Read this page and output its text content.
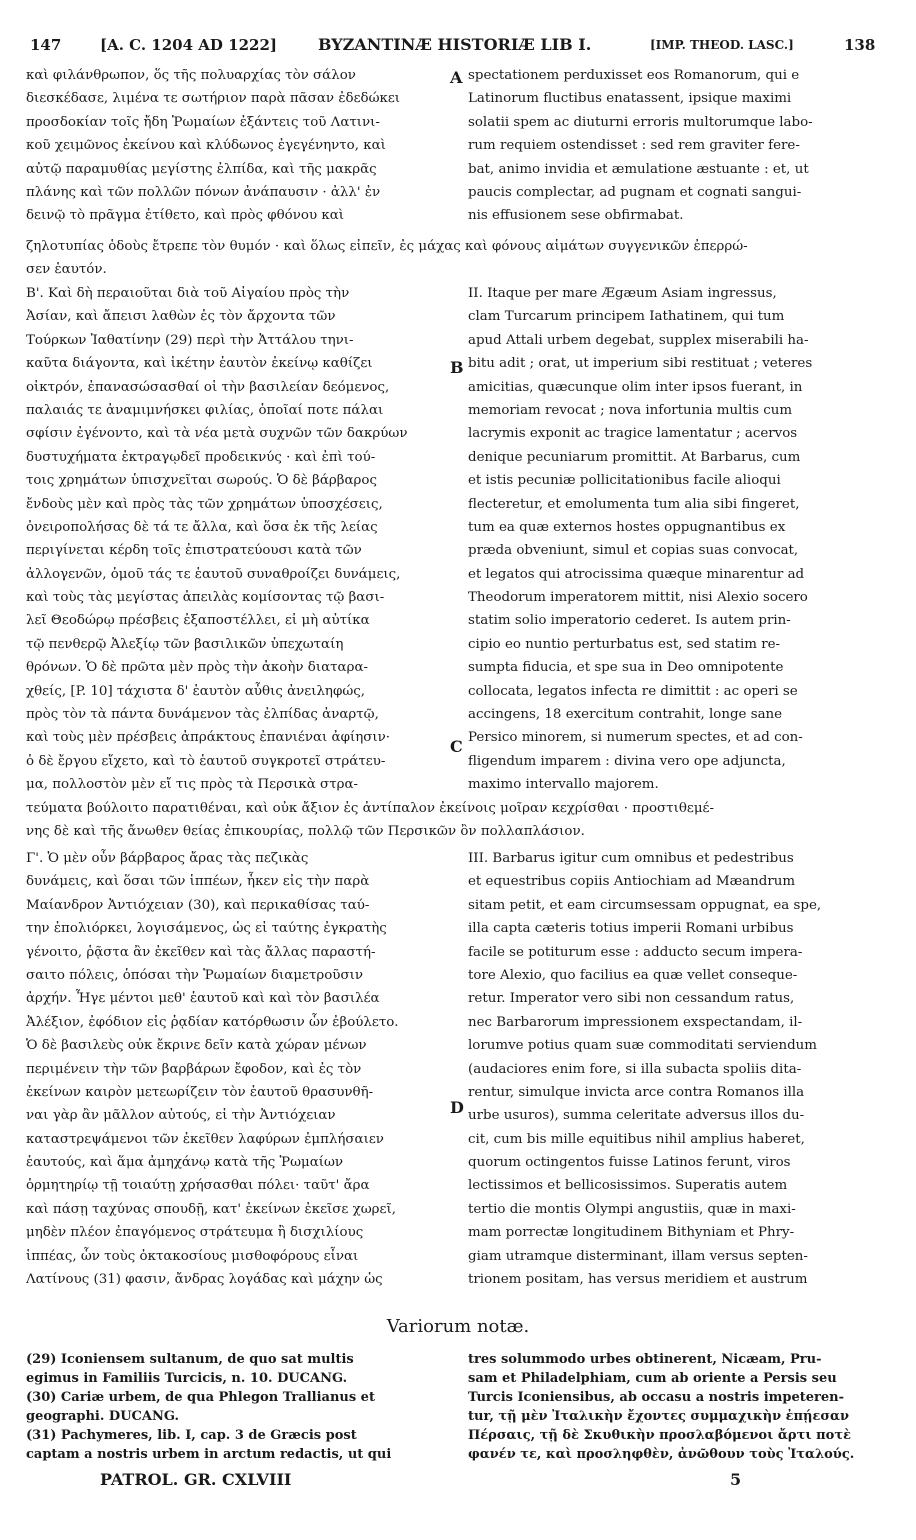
147	[A. C. 1204 AD 1222]	BYZANTINÆ HISTORIÆ LIB I.	[IMP. THEOD. LASC.]	138
A
B
C
D
καὶ φιλάνθρωπον, ὅς τῆς πολυαρχίας τὸν σάλον
διεσκέδασε, λιμένα τε σωτήριον παρὰ πᾶσαν ἐδεδώκει
προσδοκίαν τοῖς ἤδη Ῥωμαίων ἐξάντεις τοῦ Λατινι-
κοῦ χειμῶνος ἐκείνου καὶ κλύδωνος ἐγεγένηντο, καὶ
αὐτῷ παραμυθίας μεγίστης ἐλπίδα, καὶ τῆς μακρᾶς
πλάνης καὶ τῶν πολλῶν πόνων ἀνάπαυσιν · ἀλλ' ἐν
δεινῷ τὸ πρᾶγμα ἐτίθετο, καὶ πρὸς φθόνου καὶ
spectationem perduxisset eos Romanorum, qui e
Latinorum fluctibus enatassent, ipsique maximi
solatii spem ac diuturni erroris multorumque labo-
rum requiem ostendisset : sed rem graviter fere-
bat, animo invidia et æmulatione æstuante : et, ut
paucis complectar, ad pugnam et cognati sangui-
nis effusionem sese obfirmabat.
ζηλοτυπίας ὁδοὺς ἔτρεπε τὸν θυμόν · καὶ ὅλως εἰπεῖν, ἐς μάχας καὶ φόνους αἱμάτων συγγενικῶν ἐπερρώ-
σεν ἑαυτόν.
Β'. Καὶ δὴ περαιοῦται διὰ τοῦ Αἰγαίου πρὸς τὴν
Ἀσίαν, καὶ ἄπεισι λαθὼν ἐς τὸν ἄρχοντα τῶν
Τούρκων Ἰαθατίνην (29) περὶ τὴν Ἀττάλου τηνι-
καῦτα διάγοντα, καὶ ἱκέτην ἑαυτὸν ἐκείνῳ καθίζει
οἰκτρόν, ἐπανασώσασθαί οἱ τὴν βασιλείαν δεόμενος,
παλαιάς τε ἀναμιμνήσκει φιλίας, ὁποῖαί ποτε πάλαι
σφίσιν ἐγένοντο, καὶ τὰ νέα μετὰ συχνῶν τῶν δακρύων
δυστυχήματα ἐκτραγῳδεῖ προδεικνύς · καὶ ἐπὶ τού-
τοις χρημάτων ὑπισχνεῖται σωρούς. Ὁ δὲ βάρβαρος
ἔνδοὺς μὲν καὶ πρὸς τὰς τῶν χρημάτων ὑποσχέσεις,
ὀνειροπολήσας δὲ τά τε ἄλλα, καὶ ὅσα ἐκ τῆς λείας
περιγίνεται κέρδη τοῖς ἐπιστρατεύουσι κατὰ τῶν
ἀλλογενῶν, ὁμοῦ τάς τε ἑαυτοῦ συναθροίζει δυνάμεις,
καὶ τοὺς τὰς μεγίστας ἀπειλὰς κομίσοντας τῷ βασι-
λεῖ Θεοδώρῳ πρέσβεις ἐξαποστέλλει, εἰ μὴ αὐτίκα
τῷ πενθερῷ Ἀλεξίῳ τῶν βασιλικῶν ὑπεχωταίη
θρόνων. Ὁ δὲ πρῶτα μὲν πρὸς τὴν ἀκοὴν διαταρα-
χθείς, [P. 10] τάχιστα δ' ἑαυτὸν αὖθις ἀνειληφώς,
πρὸς τὸν τὰ πάντα δυνάμενον τὰς ἐλπίδας ἀναρτῷ,
καὶ τοὺς μὲν πρέσβεις ἀπράκτους ἐπανιέναι ἀφίησιν·
ὁ δὲ ἔργου εἴχετο, καὶ τὸ ἑαυτοῦ συγκροτεῖ στράτευ-
μα, πολλοστὸν μὲν εἴ τις πρὸς τὰ Περσικὰ στρα-
II. Itaque per mare Ægæum Asiam ingressus,
clam Turcarum principem Iathatinem, qui tum
apud Attali urbem degebat, supplex miserabili ha-
bitu adit ; orat, ut imperium sibi restituat ; veteres
amicitias, quæcunque olim inter ipsos fuerant, in
memoriam revocat ; nova infortunia multis cum
lacrymis exponit ac tragice lamentatur ; acervos
denique pecuniarum promittit. At Barbarus, cum
et istis pecuniæ pollicitationibus facile alioqui
flecteretur, et emolumenta tum alia sibi fingeret,
tum ea quæ externos hostes oppugnantibus ex
præda obveniunt, simul et copias suas convocat,
et legatos qui atrocissima quæque minarentur ad
Theodorum imperatorem mittit, nisi Alexio socero
statim solio imperatorio cederet. Is autem prin-
cipio eo nuntio perturbatus est, sed statim re-
sumpta fiducia, et spe sua in Deo omnipotente
collocata, legatos infecta re dimittit : ac operi se
accingens, 18 exercitum contrahit, longe sane
Persico minorem, si numerum spectes, et ad con-
fligendum imparem : divina vero ope adjuncta,
maximo intervallo majorem.
τεύματα βούλοιτο παρατιθέναι, καὶ οὐκ ἄξιον ἐς ἀντίπαλον ἐκείνοις μοῖραν κεχρίσθαι · προστιθεμέ-
νης δὲ καὶ τῆς ἄνωθεν θείας ἐπικουρίας, πολλῷ τῶν Περσικῶν ὂν πολλαπλάσιον.
Γ'. Ὁ μὲν οὖν βάρβαρος ἄρας τὰς πεζικὰς
δυνάμεις, καὶ ὅσαι τῶν ἱππέων, ἧκεν εἰς τὴν παρὰ
Μαίανδρον Ἀντιόχειαν (30), καὶ περικαθίσας ταύ-
την ἐπολιόρκει, λογισάμενος, ὡς εἰ ταύτης ἐγκρατὴς
γένοιτο, ῥᾷστα ἂν ἐκεῖθεν καὶ τὰς ἄλλας παραστή-
σαιτο πόλεις, ὁπόσαι τὴν Ῥωμαίων διαμετροῦσιν
ἀρχήν. Ἦγε μέντοι μεθ' ἑαυτοῦ καὶ καὶ τὸν βασιλέα
Ἀλέξιον, ἐφόδιον εἰς ῥᾳδίαν κατόρθωσιν ὧν ἐβούλετο.
Ὁ δὲ βασιλεὺς οὐκ ἔκρινε δεῖν κατὰ χώραν μένων
περιμένειν τὴν τῶν βαρβάρων ἔφοδον, καὶ ἐς τὸν
ἐκείνων καιρὸν μετεωρίζειν τὸν ἑαυτοῦ θρασυνθῆ-
ναι γὰρ ἂν μᾶλλον αὐτούς, εἰ τὴν Ἀντιόχειαν
καταστρεψάμενοι τῶν ἐκεῖθεν λαφύρων ἐμπλήσαιεν
ἑαυτούς, καὶ ἅμα ἀμηχάνῳ κατὰ τῆς Ῥωμαίων
ὁρμητηρίῳ τῇ τοιαύτῃ χρήσασθαι πόλει· ταῦτ' ἄρα
καὶ πάσῃ ταχύνας σπουδῇ, κατ' ἐκείνων ἐκεῖσε χωρεῖ,
μηδὲν πλέον ἐπαγόμενος στράτευμα ἢ δισχιλίους
ἱππέας, ὧν τοὺς ὀκτακοσίους μισθοφόρους εἶναι
Λατίνους (31) φασιν, ἄνδρας λογάδας καὶ μάχην ὡς
III. Barbarus igitur cum omnibus et pedestribus
et equestribus copiis Antiochiam ad Mæandrum
sitam petit, et eam circumsessam oppugnat, ea spe,
illa capta cæteris totius imperii Romani urbibus
facile se potiturum esse : adducto secum impera-
tore Alexio, quo facilius ea quæ vellet conseque-
retur. Imperator vero sibi non cessandum ratus,
nec Barbarorum impressionem exspectandam, il-
lorumve potius quam suæ commoditati serviendum
(audaciores enim fore, si illa subacta spoliis dita-
rentur, simulque invicta arce contra Romanos illa
urbe usuros), summa celeritate adversus illos du-
cit, cum bis mille equitibus nihil amplius haberet,
quorum octingentos fuisse Latinos ferunt, viros
lectissimos et bellicosissimos. Superatis autem
tertio die montis Olympi angustiis, quæ in maxi-
mam porrectæ longitudinem Bithyniam et Phry-
giam utramque disterminant, illam versus septen-
trionem positam, has versus meridiem et austrum
Variorum notæ.
(29) Iconiensem sultanum, de quo sat multis
egimus in Familiis Turcicis, n. 10. DUCANG.
(30) Cariæ urbem, de qua Phlegon Trallianus et
geographi. DUCANG.
(31) Pachymeres, lib. I, cap. 3 de Græcis post
captam a nostris urbem in arctum redactis, ut qui
tres solummodo urbes obtinerent, Nicæam, Pru-
sam et Philadelphiam, cum ab oriente a Persis seu
Turcis Iconiensibus, ab occasu a nostris impeteren-
tur, τῇ μὲν Ἰταλικὴν ἔχοντες συμμαχικὴν ἐπῄεσαν
Πέρσαις, τῇ δὲ Σκυθικὴν προσλαβόμενοι ἄρτι ποτὲ
φανέν τε, καὶ προσληφθὲν, ἀνῶθουν τοὺς Ἰταλούς.
PATROL. GR. CXLVIII	5
